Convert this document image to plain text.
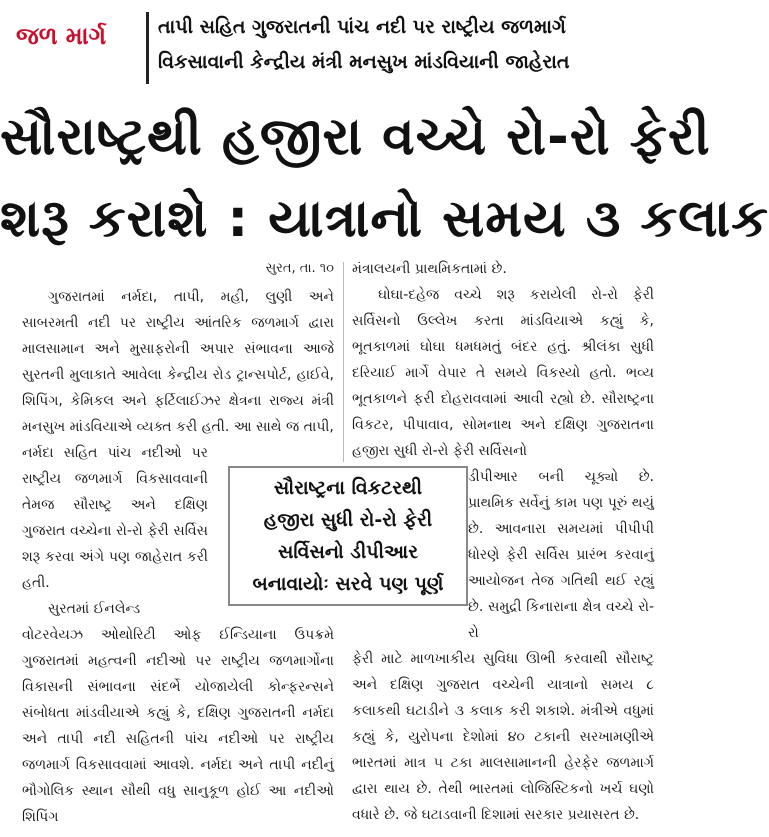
જળ માર્ગ	તાપી સહિત ગુજરાતની પાંચ નદી પર રાષ્ટ્રીય જળમાર્ગ
વિકસાવાની કેન્દ્રીય મંત્રી મનસુખ માંડવિયાની જાહેરાત
સૌરાષ્ટ્રથી હજીરા વચ્ચે રો-રો ફેરી
શરૂ કરાશે : યાત્રાનો સમય ૩ કલાક
સુરત, તા. ૧૦

ગુજરાતમાં નર્મદા, તાપી, મહી, લુણી અને સાબરમતી નદી પર રાષ્ટ્રીય આંતરિક જળમાર્ગ દ્વારા માલસામાન અને મુસાફરોની અપાર સંભાવના આજે સુરતની મુલાકાતે આવેલા કેન્દ્રીય રોડ ટ્રાન્સપોર્ટ, હાઈવે, શિપિંગ, કેમિકલ અને ફર્ટિલાઈઝર ક્ષેત્રના રાજ્ય મંત્રી મનસુખ માંડવિયાએ વ્યક્ત કરી હતી. આ સાથે જ તાપી,

નર્મદા સહિત પાંચ નદીઓ પર રાષ્ટ્રીય જળમાર્ગ વિકસાવવાની તેમજ સૌરાષ્ટ્ર અને દક્ષિણ ગુજરાત વચ્ચેના રો-રો ફેરી સર્વિસ શરૂ કરવા અંગે પણ જાહેરાત કરી હતી.

સુરતમાં ઈનલેન્ડ

વોટરવેયઝ ઓથોરિટી ઓફ ઈન્ડિયાના ઉપક્રમે ગુજરાતમાં મહત્વની નદીઓ પર રાષ્ટ્રીય જળમાર્ગોના વિકાસની સંભાવના સંદર્ભે યોજાયેલી કોન્ફરન્સને સંબોધતા માંડવીયાએ કહ્યું કે, દક્ષિણ ગુજરાતની નર્મદા અને તાપી નદી સહિતની પાંચ નદીઓ પર રાષ્ટ્રીય જળમાર્ગ વિકસાવવામાં આવશે. નર્મદા અને તાપી નદીનું ભૌગોલિક સ્થાન સૌથી વધુ સાનુકૂળ હોઈ આ નદીઓ શિપિંગ

મંત્રાલયની પ્રાથમિકતામાં છે.

ઘોઘા-દહેજ વચ્ચે શરૂ કરાયેલી રો-રો ફેરી સર્વિસનો ઉલ્લેખ કરતા માંડવિયાએ કહ્યું કે, ભૂતકાળમાં ઘોઘા ધમધમતું બંદર હતું. શ્રીલંકા સુધી દરિયાઈ માર્ગે વેપાર તે સમયે વિકસ્યો હતો. ભવ્ય ભૂતકાળને ફરી દોહરાવવામાં આવી રહ્યો છે. સૌરાષ્ટ્રના વિકટર, પીપાવાવ, સોમનાથ અને દક્ષિણ ગુજરાતના હજીરા સુધી રો-રો ફેરી સર્વિસનો

ડીપીઆર બની ચૂક્યો છે. પ્રાથમિક સર્વેનું કામ પણ પૂરું થયું છે. આવનારા સમયમાં પીપીપી ધોરણે ફેરી સર્વિસ પ્રારંભ કરવાનું આયોજન તેજ ગતિથી થઈ રહ્યું છે. સમુદ્રી કિનારાના ક્ષેત્ર વચ્ચે રો-રો

ફેરી માટે માળખાકીય સુવિધા ઊભી કરવાથી સૌરાષ્ટ્ર અને દક્ષિણ ગુજરાત વચ્ચેની યાત્રાનો સમય ૮ કલાકથી ઘટાડીને ૩ કલાક કરી શકાશે. મંત્રીએ વધુમાં કહ્યું કે, યુરોપના દેશોમાં ૪૦ ટકાની સરખામણીએ ભારતમાં માત્ર ૫ ટકા માલસામાનની હેરફેર જળમાર્ગ દ્વારા થાય છે. તેથી ભારતમાં લોજિસ્ટિકનો ખર્ચ ઘણો વધારે છે. જે ઘટાડવાની દિશામાં સરકાર પ્રયાસરત છે.

સૌરાષ્ટ્રના વિકટરથી
હજીરા સુધી રો-રો ફેરી
સર્વિસનો ડીપીઆર
બનાવાયોઃ સરવે પણ પૂર્ણ
